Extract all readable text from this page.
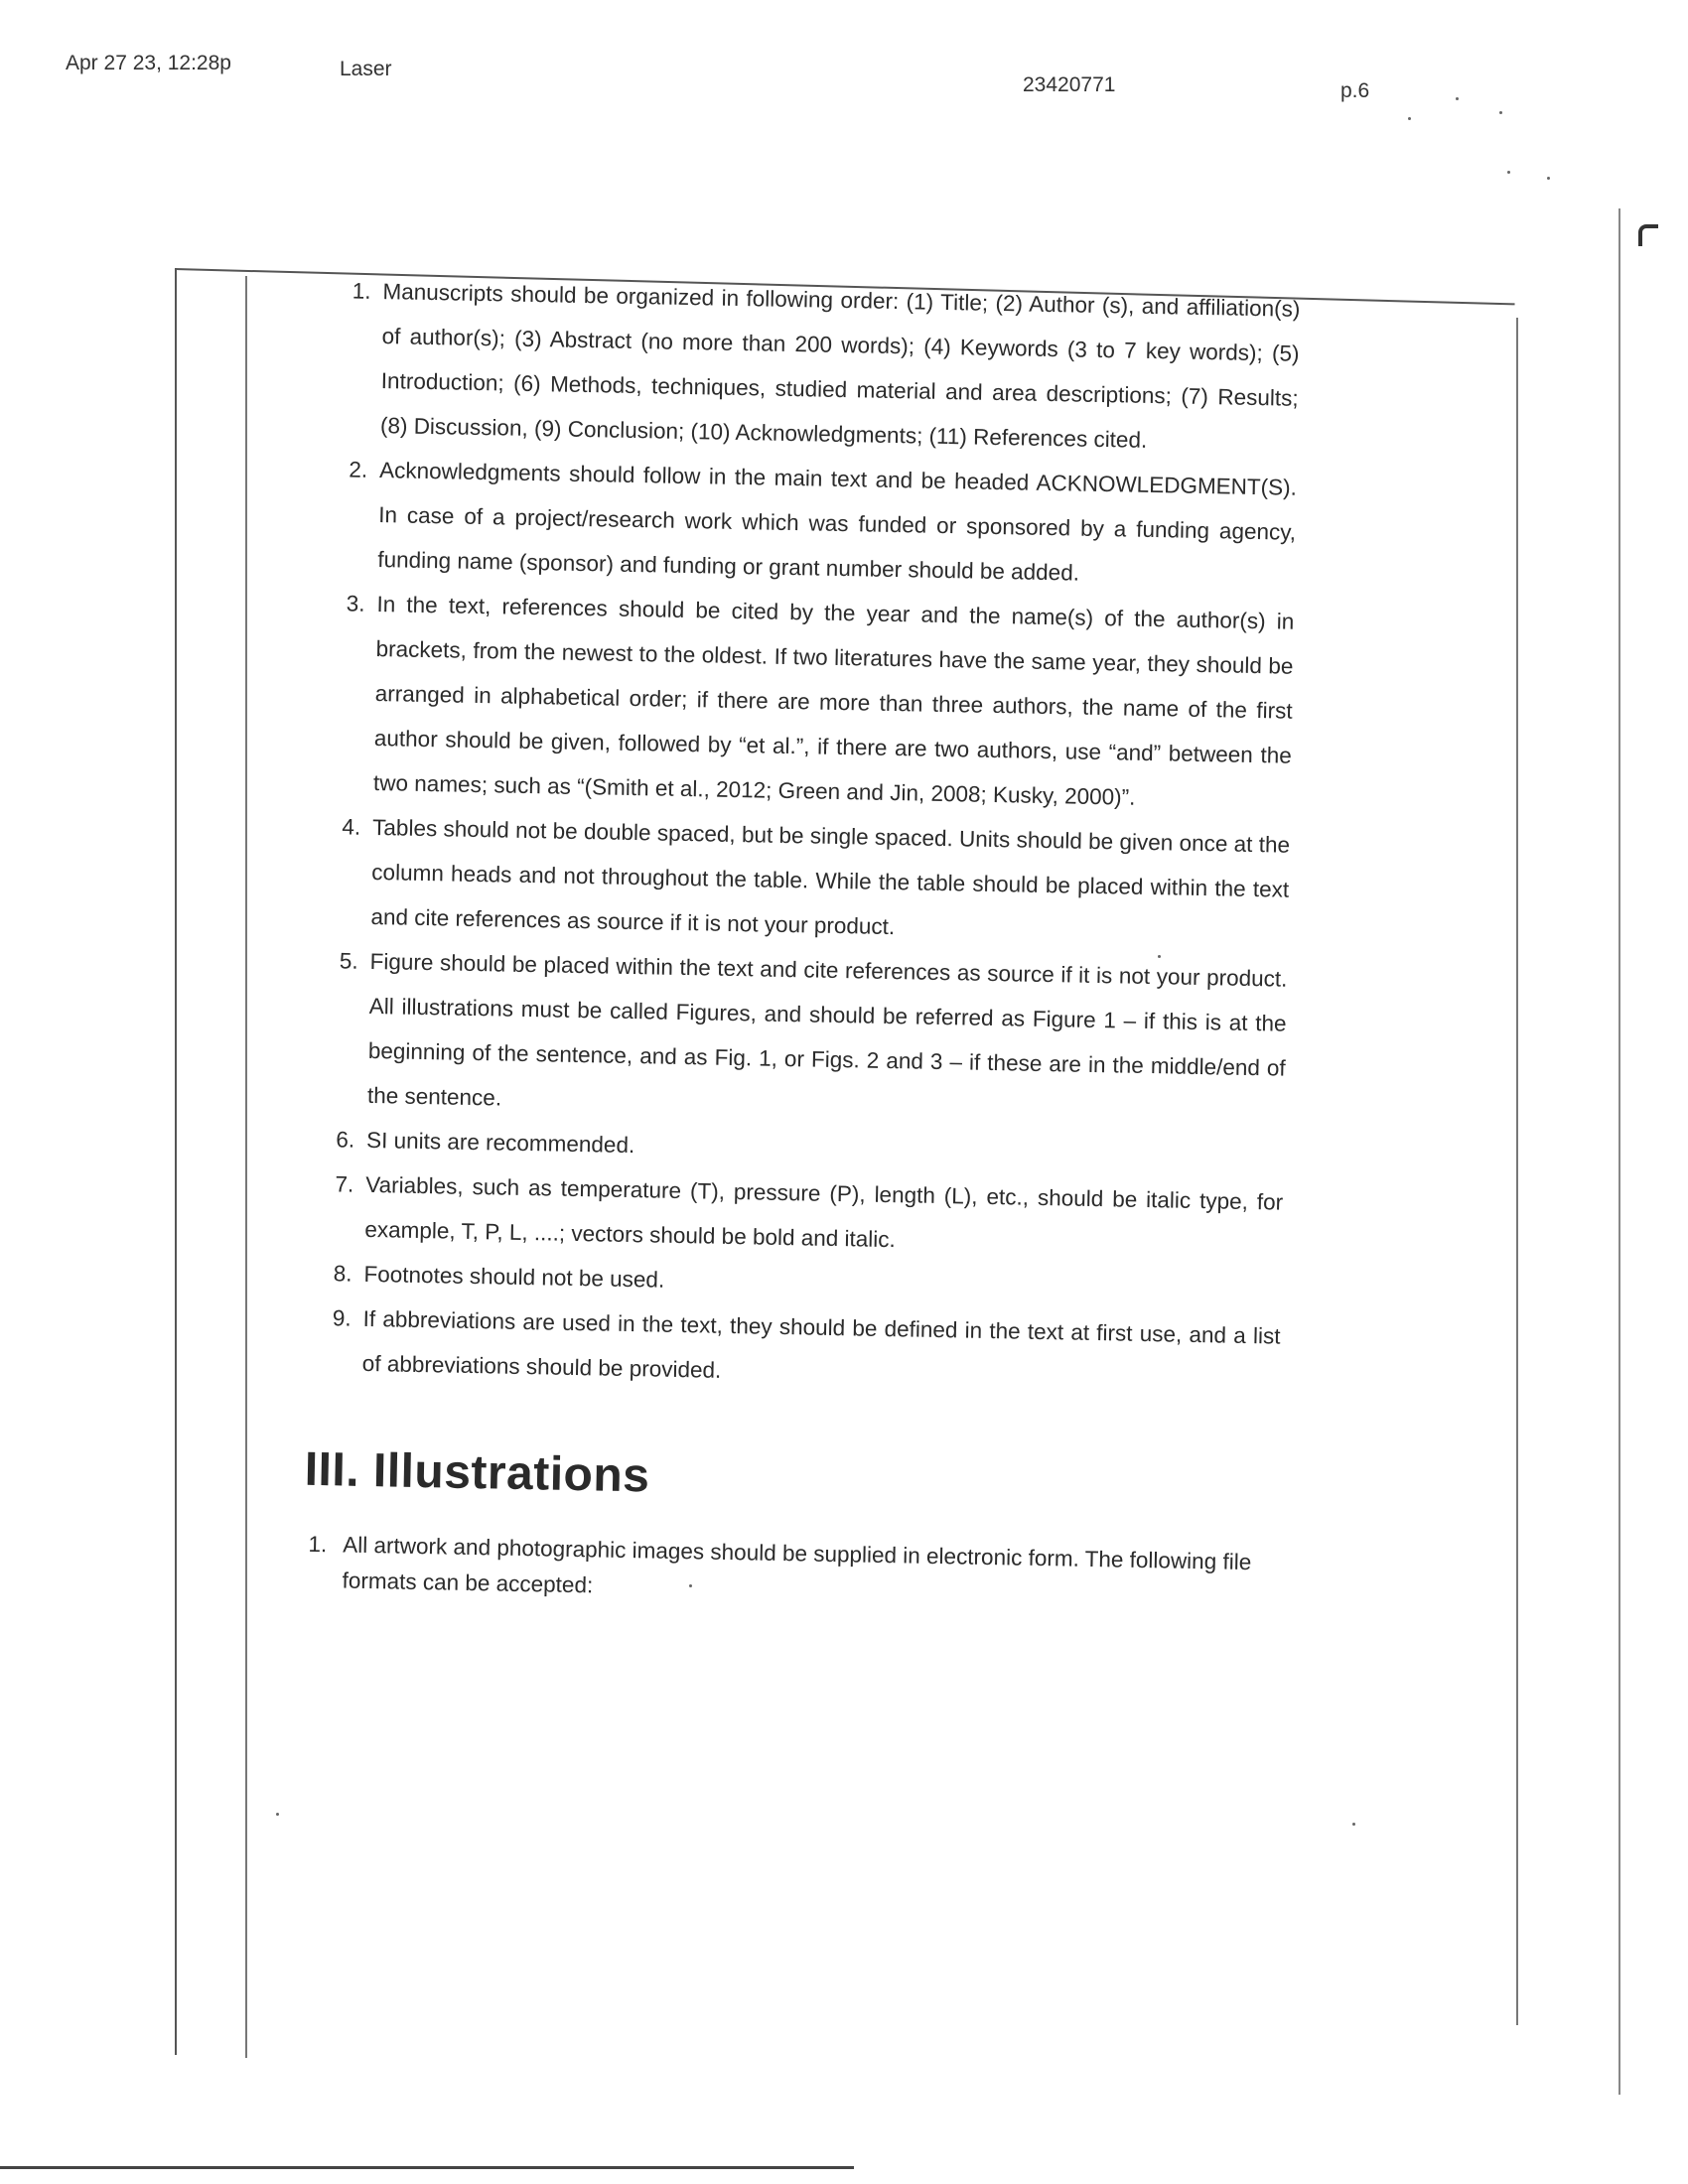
Apr 27 23, 12:28p	Laser
23420771	p.6
1. Manuscripts should be organized in following order: (1) Title; (2) Author (s), and affiliation(s) of author(s); (3) Abstract (no more than 200 words); (4) Keywords (3 to 7 key words); (5) Introduction; (6) Methods, techniques, studied material and area descriptions; (7) Results; (8) Discussion, (9) Conclusion; (10) Acknowledgments; (11) References cited.
2. Acknowledgments should follow in the main text and be headed ACKNOWLEDGMENT(S). In case of a project/research work which was funded or sponsored by a funding agency, funding name (sponsor) and funding or grant number should be added.
3. In the text, references should be cited by the year and the name(s) of the author(s) in brackets, from the newest to the oldest. If two literatures have the same year, they should be arranged in alphabetical order; if there are more than three authors, the name of the first author should be given, followed by “et al.”, if there are two authors, use “and” between the two names; such as “(Smith et al., 2012; Green and Jin, 2008; Kusky, 2000)”.
4. Tables should not be double spaced, but be single spaced. Units should be given once at the column heads and not throughout the table. While the table should be placed within the text and cite references as source if it is not your product.
5. Figure should be placed within the text and cite references as source if it is not your product. All illustrations must be called Figures, and should be referred as Figure 1 – if this is at the beginning of the sentence, and as Fig. 1, or Figs. 2 and 3 – if these are in the middle/end of the sentence.
6. SI units are recommended.
7. Variables, such as temperature (T), pressure (P), length (L), etc., should be italic type, for example, T, P, L, ....; vectors should be bold and italic.
8. Footnotes should not be used.
9. If abbreviations are used in the text, they should be defined in the text at first use, and a list of abbreviations should be provided.
III. Illustrations
1. All artwork and photographic images should be supplied in electronic form. The following file formats can be accepted:
